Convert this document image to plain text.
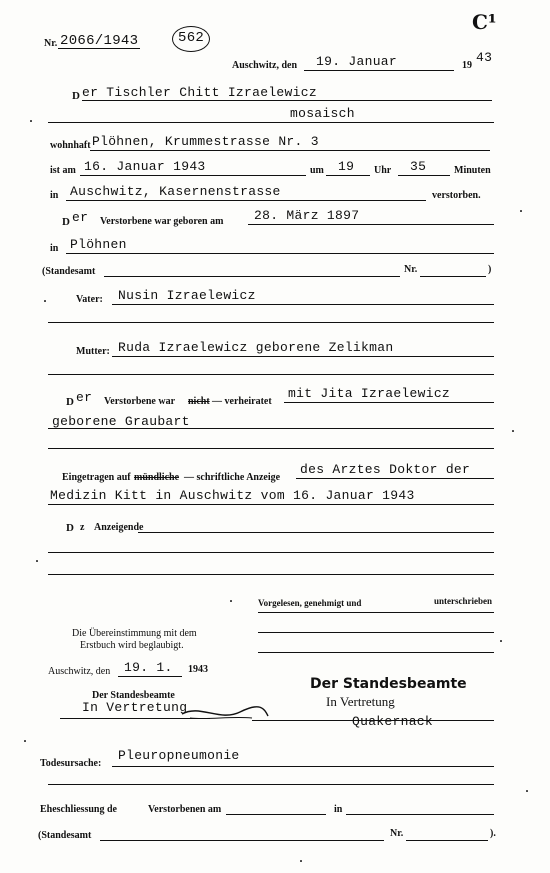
Nr. 2066/1943	562
C¹
Auschwitz, den 19. Januar	19
43
D er Tischler Chitt Izraelewicz
mosaisch
wohnhaft Plöhnen, Krummestrasse Nr. 3
ist am 16. Januar 1943	um 19 Uhr 35	Minuten
in Auschwitz, Kasernenstrasse	verstorben.
D er Verstorbene war geboren am 28. März 1897
in Plöhnen
(Standesamt	Nr.	)
Vater: Nusin Izraelewicz
Mutter: Ruda Izraelewicz geborene Zelikman
D er Verstorbene war nicht — verheiratet
mit Jita Izraelewicz
geborene Graubart
Eingetragen auf mündliche — schriftliche Anzeige
des Arztes Doktor der
Medizin Kitt in Auschwitz vom 16. Januar 1943
D z Anzeigende
Vorgelesen, genehmigt und	unterschrieben
Die Übereinstimmung mit dem
Erstbuch wird beglaubigt.
Auschwitz, den 19. 1. 1943
Der Standesbeamte
In Vertretung
Der Standesbeamte
In Vertretung
Quakernack
Todesursache:
Pleuropneumonie
Eheschliessung de	Verstorbenen am	in
(Standesamt	Nr.	).
